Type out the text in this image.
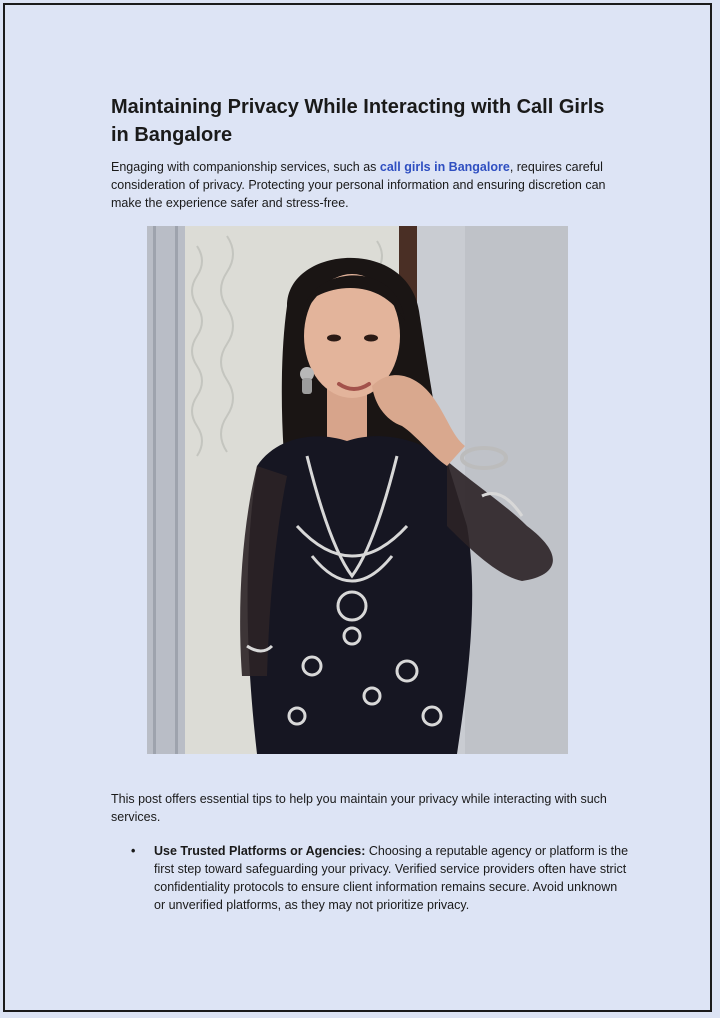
Maintaining Privacy While Interacting with Call Girls in Bangalore

Engaging with companionship services, such as call girls in Bangalore, requires careful consideration of privacy. Protecting your personal information and ensuring discretion can make the experience safer and stress-free.

This post offers essential tips to help you maintain your privacy while interacting with such services.

• Use Trusted Platforms or Agencies: Choosing a reputable agency or platform is the first step toward safeguarding your privacy. Verified service providers often have strict confidentiality protocols to ensure client information remains secure. Avoid unknown or unverified platforms, as they may not prioritize privacy.
